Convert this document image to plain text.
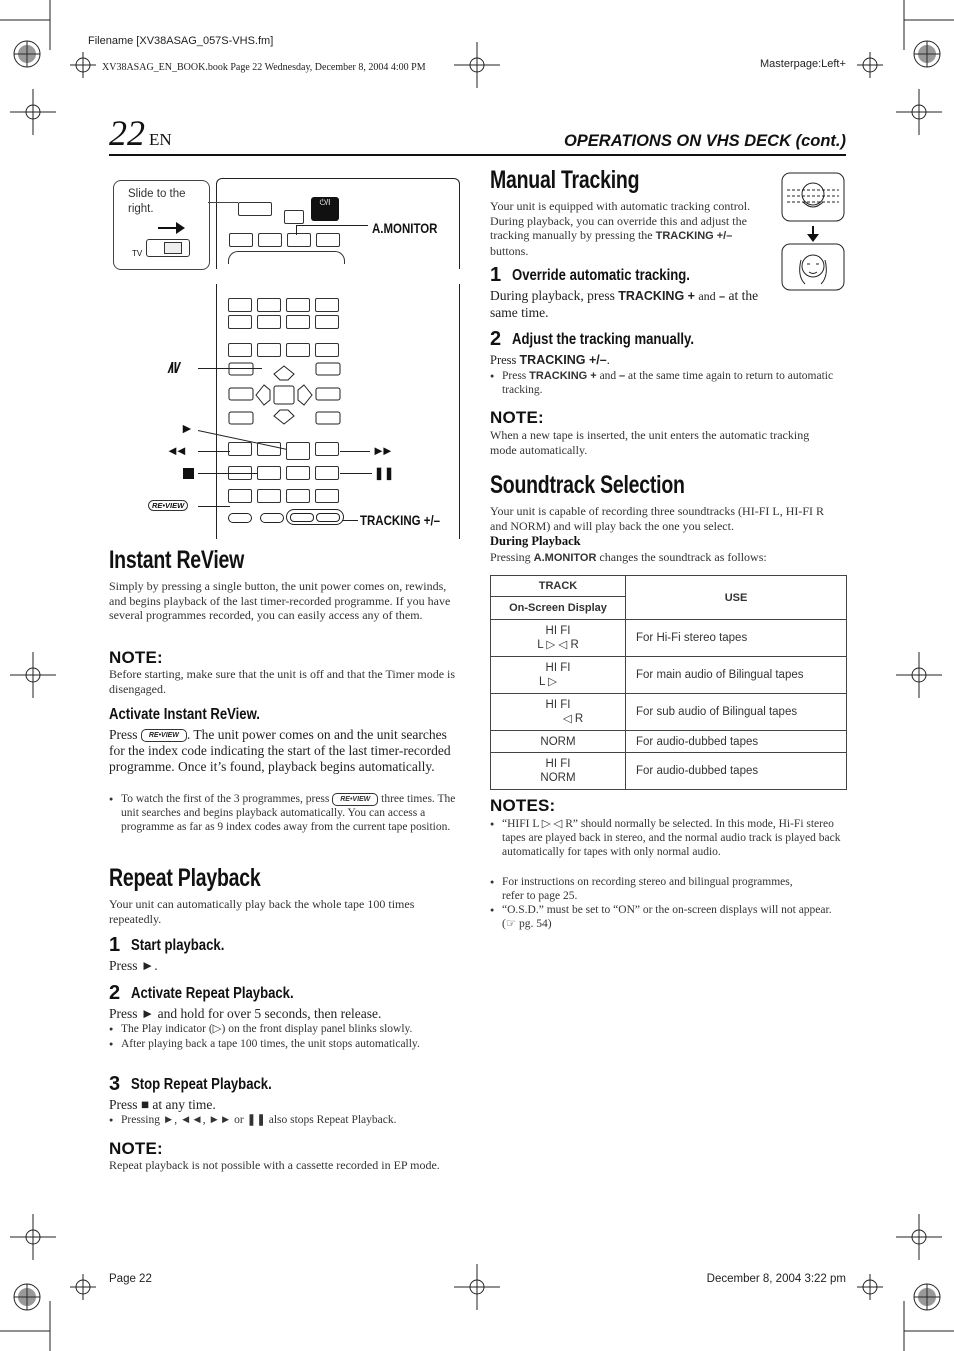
Filename [XV38ASAG_057S-VHS.fm]
XV38ASAG_EN_BOOK.book Page 22 Wednesday, December 8, 2004 4:00 PM	Masterpage:Left+
22 EN	OPERATIONS ON VHS DECK (cont.)
Slide to the right.
TV
⏻/I
A.MONITOR
/‖/
►
◄◄
RE•VIEW
►►
❚❚
TRACKING +/–
Instant ReView
Simply by pressing a single button, the unit power comes on, rewinds, and begins playback of the last timer-recorded programme. If you have several programmes recorded, you can easily access any of them.
NOTE:
Before starting, make sure that the unit is off and that the Timer mode is disengaged.
Activate Instant ReView.
Press RE•VIEW . The unit power comes on and the unit searches for the index code indicating the start of the last timer-recorded programme. Once it’s found, playback begins automatically.
● To watch the first of the 3 programmes, press RE•VIEW three times. The unit searches and begins playback automatically. You can access a programme as far as 9 index codes away from the current tape position.
Repeat Playback
Your unit can automatically play back the whole tape 100 times repeatedly.
1 Start playback.
Press ►.
2 Activate Repeat Playback.
Press ► and hold for over 5 seconds, then release.
● The Play indicator (▷) on the front display panel blinks slowly.
● After playing back a tape 100 times, the unit stops automatically.
3 Stop Repeat Playback.
Press ■ at any time.
● Pressing ►, ◄◄, ►► or ❚❚ also stops Repeat Playback.
NOTE:
Repeat playback is not possible with a cassette recorded in EP mode.
Manual Tracking
Your unit is equipped with automatic tracking control. During playback, you can override this and adjust the tracking manually by pressing the TRACKING +/– buttons.
1 Override automatic tracking.
During playback, press TRACKING + and – at the same time.
2 Adjust the tracking manually.
Press TRACKING +/–.
● Press TRACKING + and – at the same time again to return to automatic tracking.
NOTE:
When a new tape is inserted, the unit enters the automatic tracking mode automatically.
Soundtrack Selection
Your unit is capable of recording three soundtracks (HI-FI L, HI-FI R and NORM) and will play back the one you select.
During Playback
Pressing A.MONITOR changes the soundtrack as follows:
TRACK	USE
On-Screen Display	

HI FI
L ▷ ◁ R	For Hi-Fi stereo tapes

HI FI
L ▷	For main audio of Bilingual tapes

HI FI
◁ R	For sub audio of Bilingual tapes

NORM	For audio-dubbed tapes

HI FI
NORM	For audio-dubbed tapes
NOTES:
● “HIFI L ▷ ◁ R” should normally be selected. In this mode, Hi-Fi stereo tapes are played back in stereo, and the normal audio track is played back automatically for tapes with only normal audio.
● For instructions on recording stereo and bilingual programmes, refer to page 25.
● “O.S.D.” must be set to “ON” or the on-screen displays will not appear. (☞ pg. 54)
Page 22	December 8, 2004 3:22 pm
